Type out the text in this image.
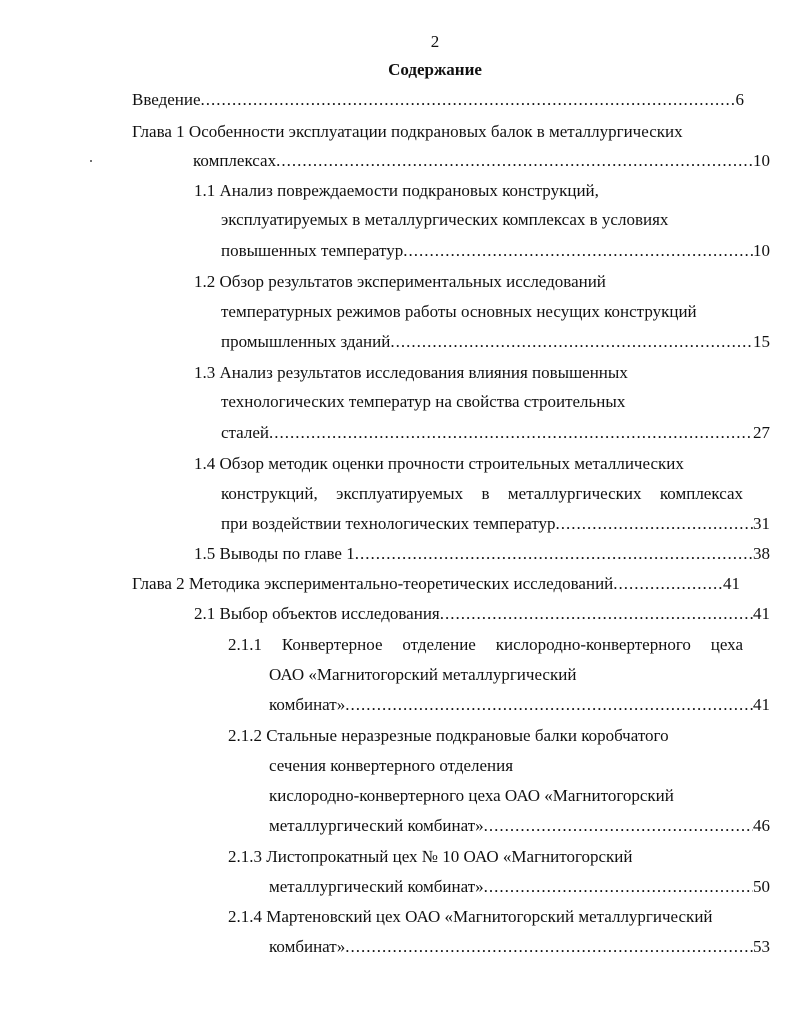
2
Содержание
Введение .....	6
Глава 1 Особенности эксплуатации подкрановых балок в металлургических
комплексах .....	10
1.1 Анализ повреждаемости подкрановых конструкций,
эксплуатируемых в металлургических комплексах в условиях
повышенных температур .....	10
1.2 Обзор результатов экспериментальных исследований
температурных режимов работы основных несущих конструкций
промышленных зданий .....	15
1.3 Анализ результатов исследования влияния повышенных
технологических температур на свойства строительных
сталей .....	27
1.4 Обзор методик оценки прочности строительных металлических
конструкций, эксплуатируемых в металлургических комплексах
при воздействии технологических температур .....	31
1.5 Выводы по главе 1 .....	38
Глава 2 Методика экспериментально-теоретических исследований .....	41
2.1 Выбор объектов исследования .....	41
2.1.1 Конвертерное отделение кислородно-конвертерного цеха
ОАО «Магнитогорский металлургический
комбинат» .....	41
2.1.2 Стальные неразрезные подкрановые балки коробчатого
сечения конвертерного отделения
кислородно-конвертерного цеха ОАО «Магнитогорский
металлургический комбинат» .....	46
2.1.3 Листопрокатный цех № 10 ОАО «Магнитогорский
металлургический комбинат» .....	50
2.1.4 Мартеновский цех ОАО «Магнитогорский металлургический
комбинат» .....	53
